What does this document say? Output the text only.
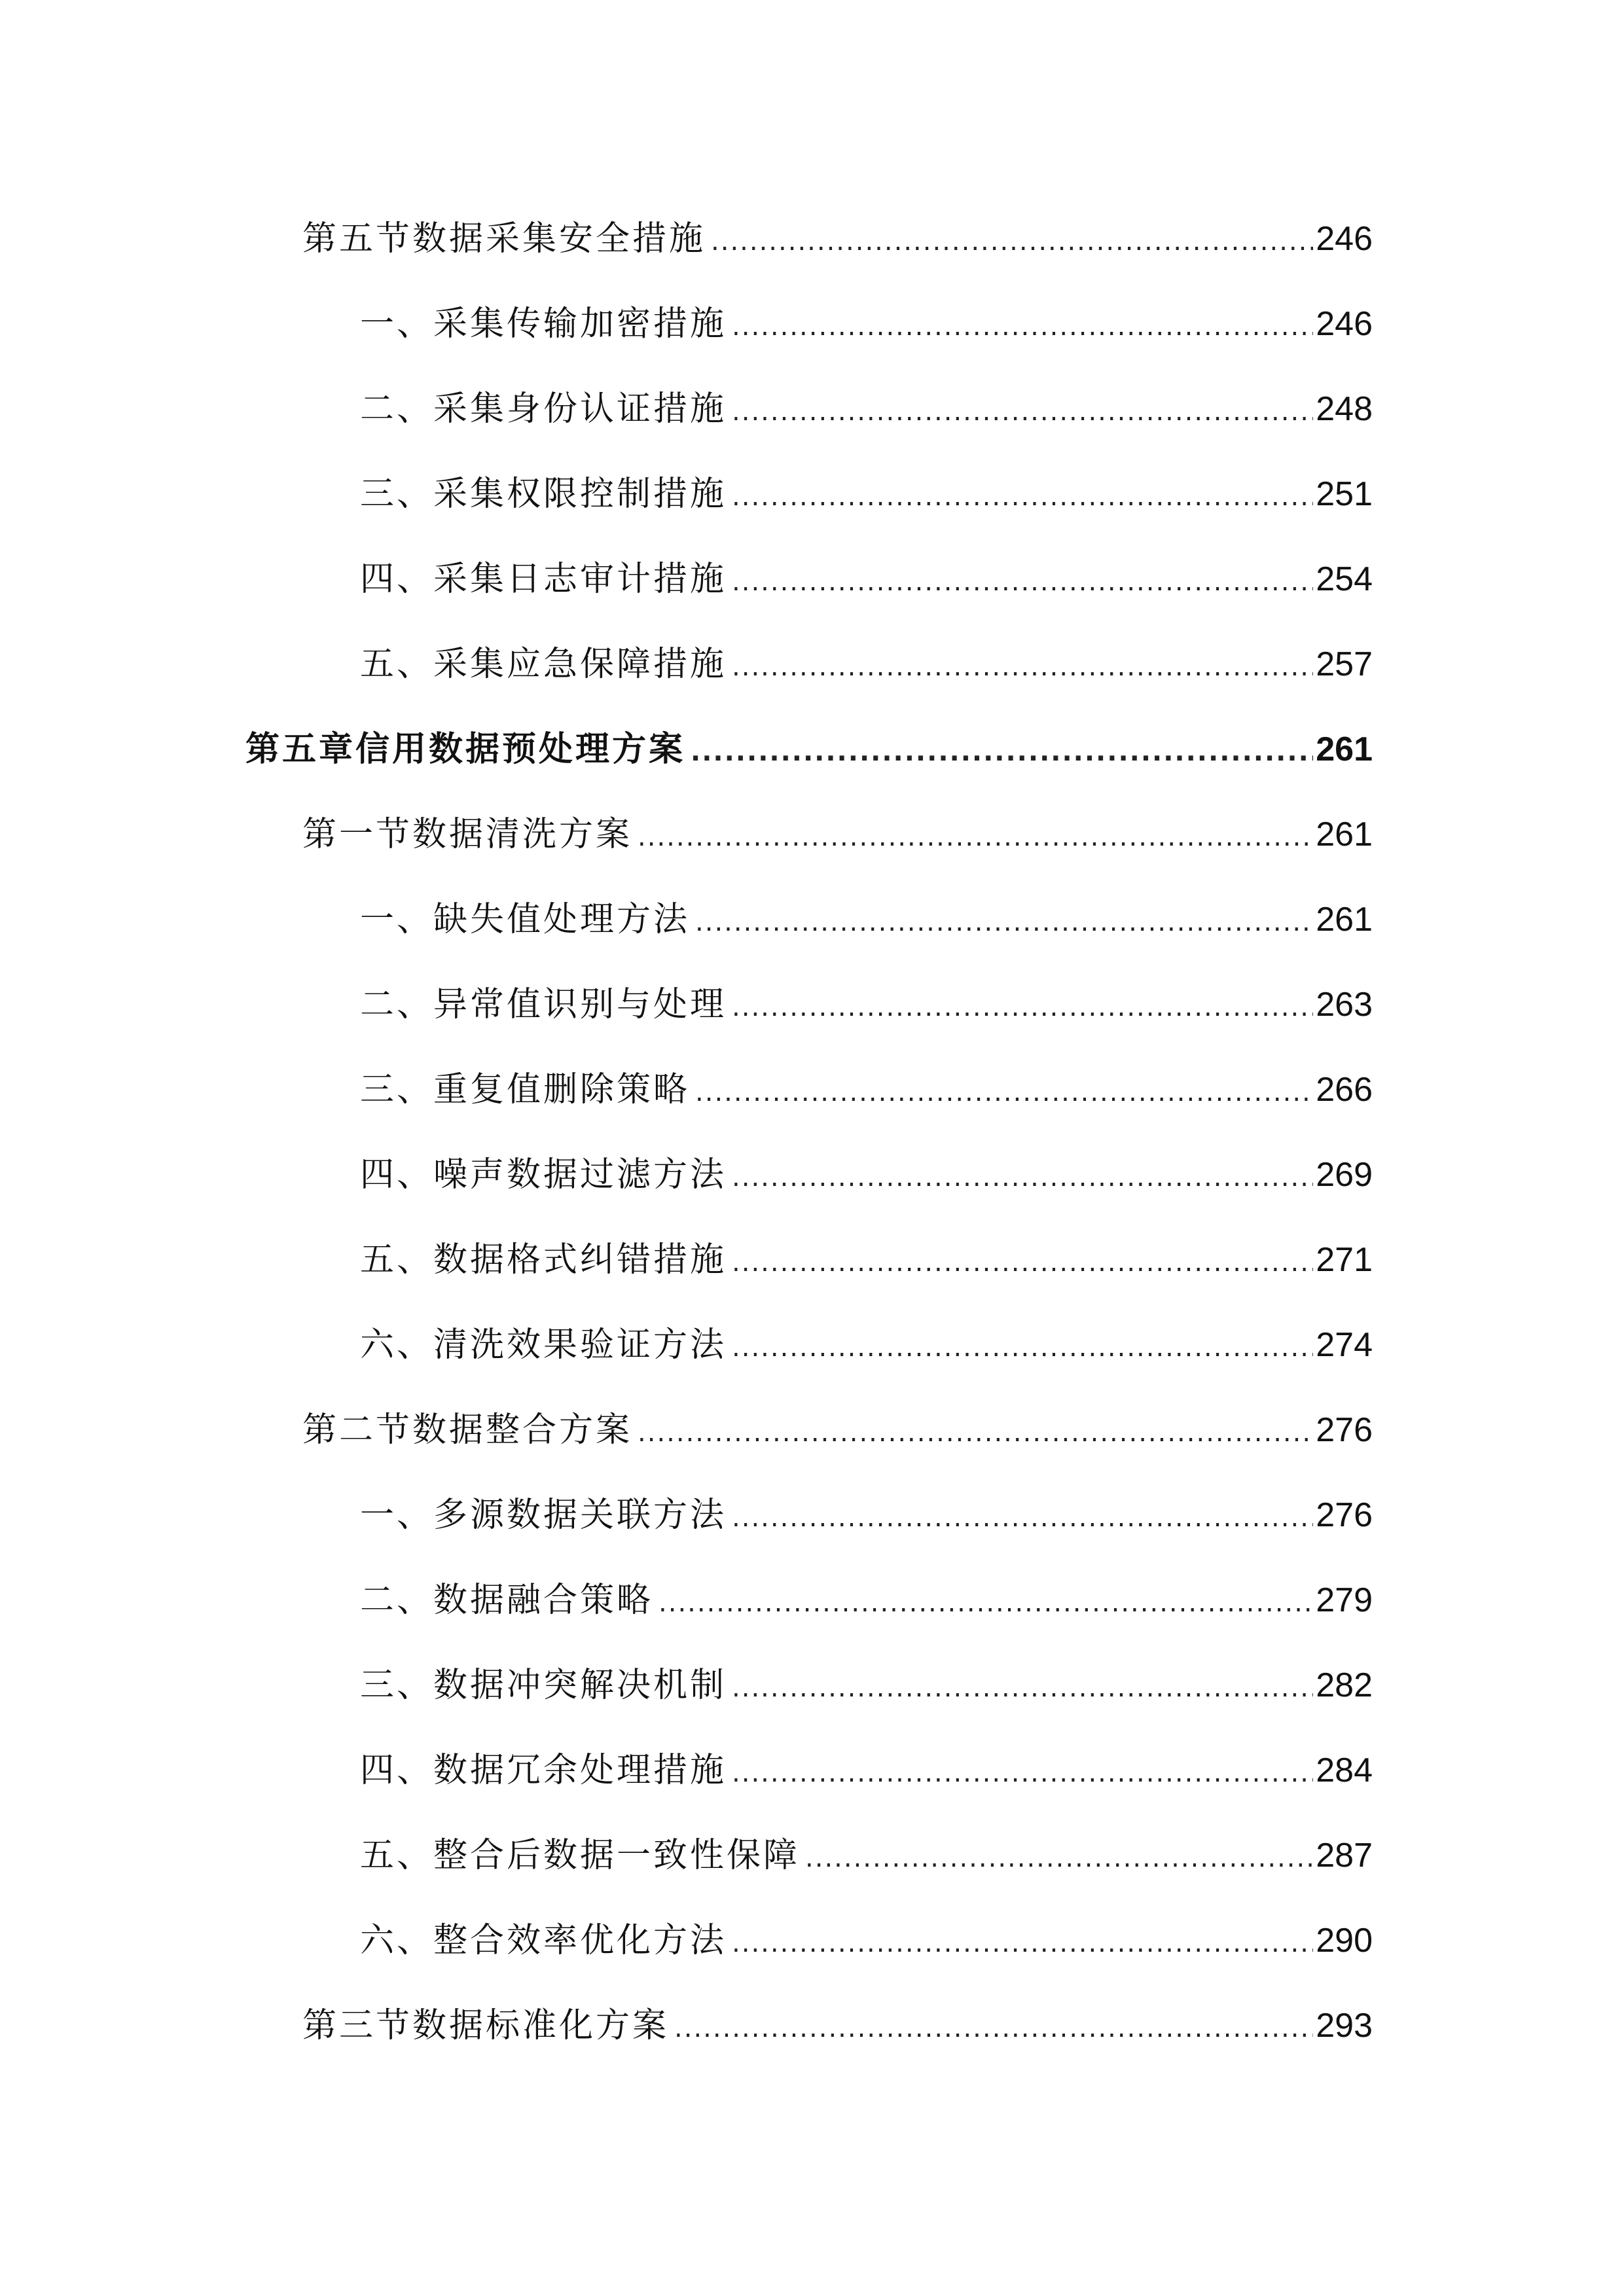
第五节数据采集安全措施 .....	246
一、采集传输加密措施 .....	246
二、采集身份认证措施 .....	248
三、采集权限控制措施 .....	251
四、采集日志审计措施 .....	254
五、采集应急保障措施 .....	257
第五章信用数据预处理方案 .....	261
第一节数据清洗方案 .....	261
一、缺失值处理方法 .....	261
二、异常值识别与处理 .....	263
三、重复值删除策略 .....	266
四、噪声数据过滤方法 .....	269
五、数据格式纠错措施 .....	271
六、清洗效果验证方法 .....	274
第二节数据整合方案 .....	276
一、多源数据关联方法 .....	276
二、数据融合策略 .....	279
三、数据冲突解决机制 .....	282
四、数据冗余处理措施 .....	284
五、整合后数据一致性保障 .....	287
六、整合效率优化方法 .....	290
第三节数据标准化方案 .....	293
